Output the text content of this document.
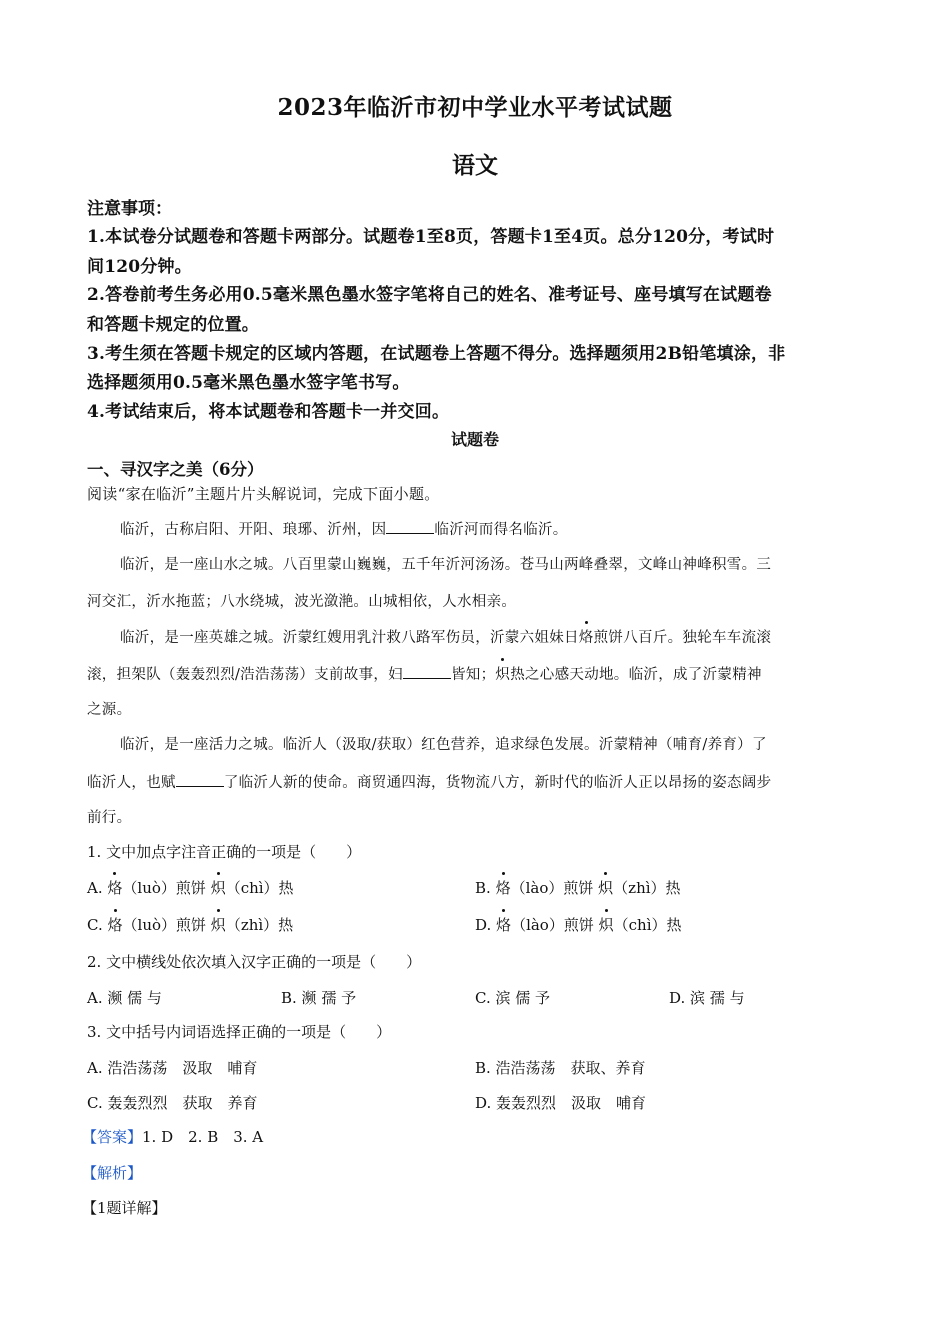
2023年临沂市初中学业水平考试试题
语文
注意事项：
1.本试卷分试题卷和答题卡两部分。试题卷1至8页，答题卡1至4页。总分120分，考试时
间120分钟。
2.答卷前考生务必用0.5毫米黑色墨水签字笔将自己的姓名、准考证号、座号填写在试题卷
和答题卡规定的位置。
3.考生须在答题卡规定的区域内答题，在试题卷上答题不得分。选择题须用2B铅笔填涂，非
选择题须用0.5毫米黑色墨水签字笔书写。
4.考试结束后，将本试题卷和答题卡一并交回。
试题卷
一、寻汉字之美（6分）
阅读“家在临沂”主题片片头解说词，完成下面小题。
临沂，古称启阳、开阳、琅琊、沂州，因	临沂河而得名临沂。
临沂，是一座山水之城。八百里蒙山巍巍，五千年沂河汤汤。苍马山两峰叠翠，文峰山神峰积雪。三
河交汇，沂水拖蓝；八水绕城，波光潋滟。山城相依，人水相亲。
临沂，是一座英雄之城。沂蒙红嫂用乳汁救八路军伤员，沂蒙六姐妹日烙煎饼八百斤。独轮车车流滚
滚，担架队（轰轰烈烈/浩浩荡荡）支前故事，妇	皆知；炽热之心感天动地。临沂，成了沂蒙精神
之源。
临沂，是一座活力之城。临沂人（汲取/获取）红色营养，追求绿色发展。沂蒙精神（哺育/养育）了
临沂人，也赋	了临沂人新的使命。商贸通四海，货物流八方，新时代的临沂人正以昂扬的姿态阔步
前行。
1. 文中加点字注音正确的一项是（　　）
A. 烙（luò）煎饼 炽（chì）热	B. 烙（lào）煎饼 炽（zhì）热
C. 烙（luò）煎饼 炽（zhì）热	D. 烙（lào）煎饼 炽（chì）热
2. 文中横线处依次填入汉字正确的一项是（　　）
A. 濒 儒 与	B. 濒 孺 予	C. 滨 儒 予	D. 滨 孺 与
3. 文中括号内词语选择正确的一项是（　　）
A. 浩浩荡荡　汲取　哺育	B. 浩浩荡荡　获取、养育
C. 轰轰烈烈　获取　养育	D. 轰轰烈烈　汲取　哺育
【答案】1. D　2. B　3. A
【解析】
【1题详解】
